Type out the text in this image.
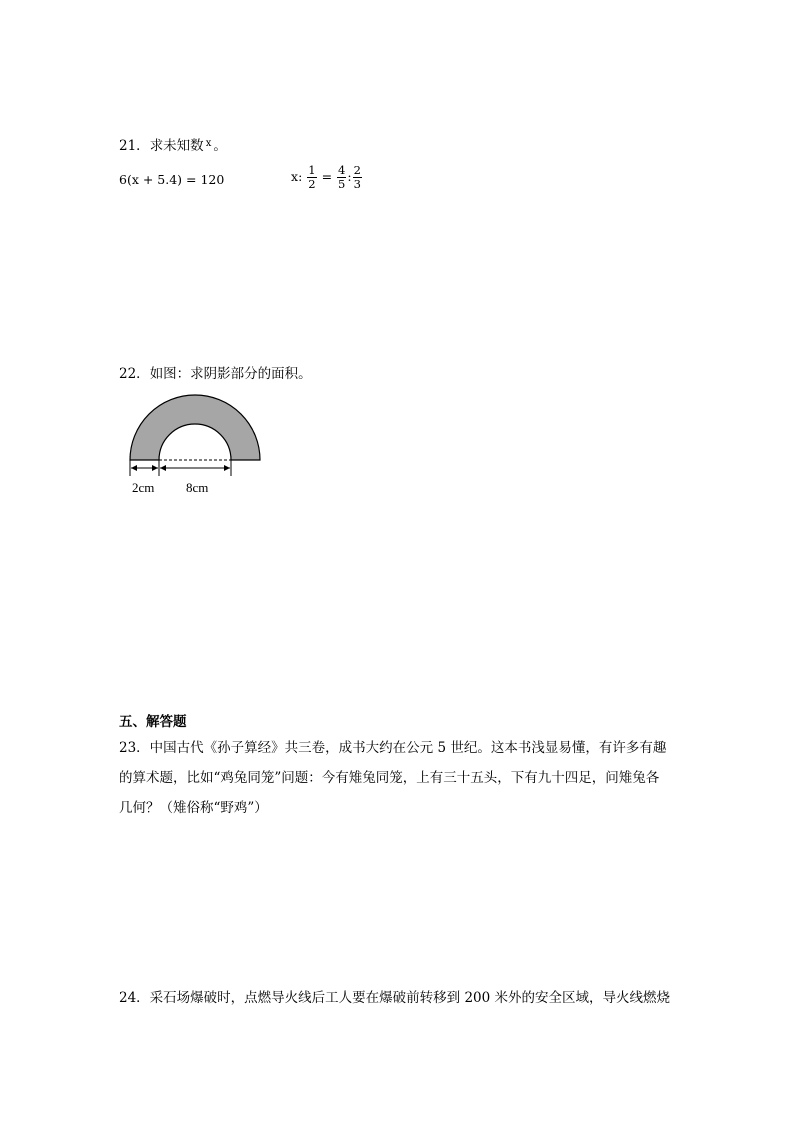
21．求未知数 $^x$ 。
6(x + 5.4) = 120	x: $\frac{1}{2} = \frac{4}{5}$ : $\frac{2}{3}$
22．如图：求阴影部分的面积。
2cm 8cm
五、解答题
23．中国古代《孙子算经》共三卷，成书大约在公元 5 世纪。这本书浅显易懂，有许多有趣
的算术题，比如“鸡兔同笼”问题：今有雉兔同笼，上有三十五头，下有九十四足，问雉兔各
几何？（雉俗称“野鸡”）
24．采石场爆破时，点燃导火线后工人要在爆破前转移到 200 米外的安全区域，导火线燃烧
